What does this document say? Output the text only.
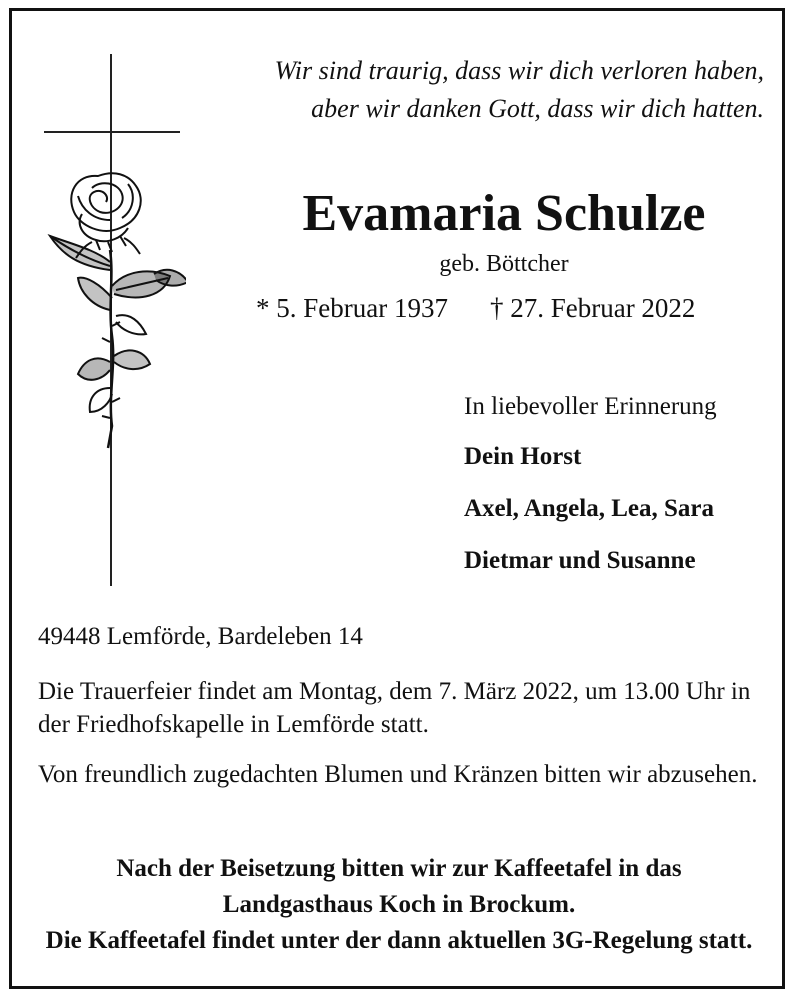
Wir sind traurig, dass wir dich verloren haben,
aber wir danken Gott, dass wir dich hatten.
Evamaria Schulze
geb. Böttcher
* 5. Februar 1937 † 27. Februar 2022
In liebevoller Erinnerung
Dein Horst
Axel, Angela, Lea, Sara
Dietmar und Susanne
49448 Lemförde, Bardeleben 14
Die Trauerfeier findet am Montag, dem 7. März 2022, um 13.00 Uhr in der Friedhofskapelle in Lemförde statt.
Von freundlich zugedachten Blumen und Kränzen bitten wir abzusehen.
Nach der Beisetzung bitten wir zur Kaffeetafel in das
Landgasthaus Koch in Brockum.
Die Kaffeetafel findet unter der dann aktuellen 3G-Regelung statt.
